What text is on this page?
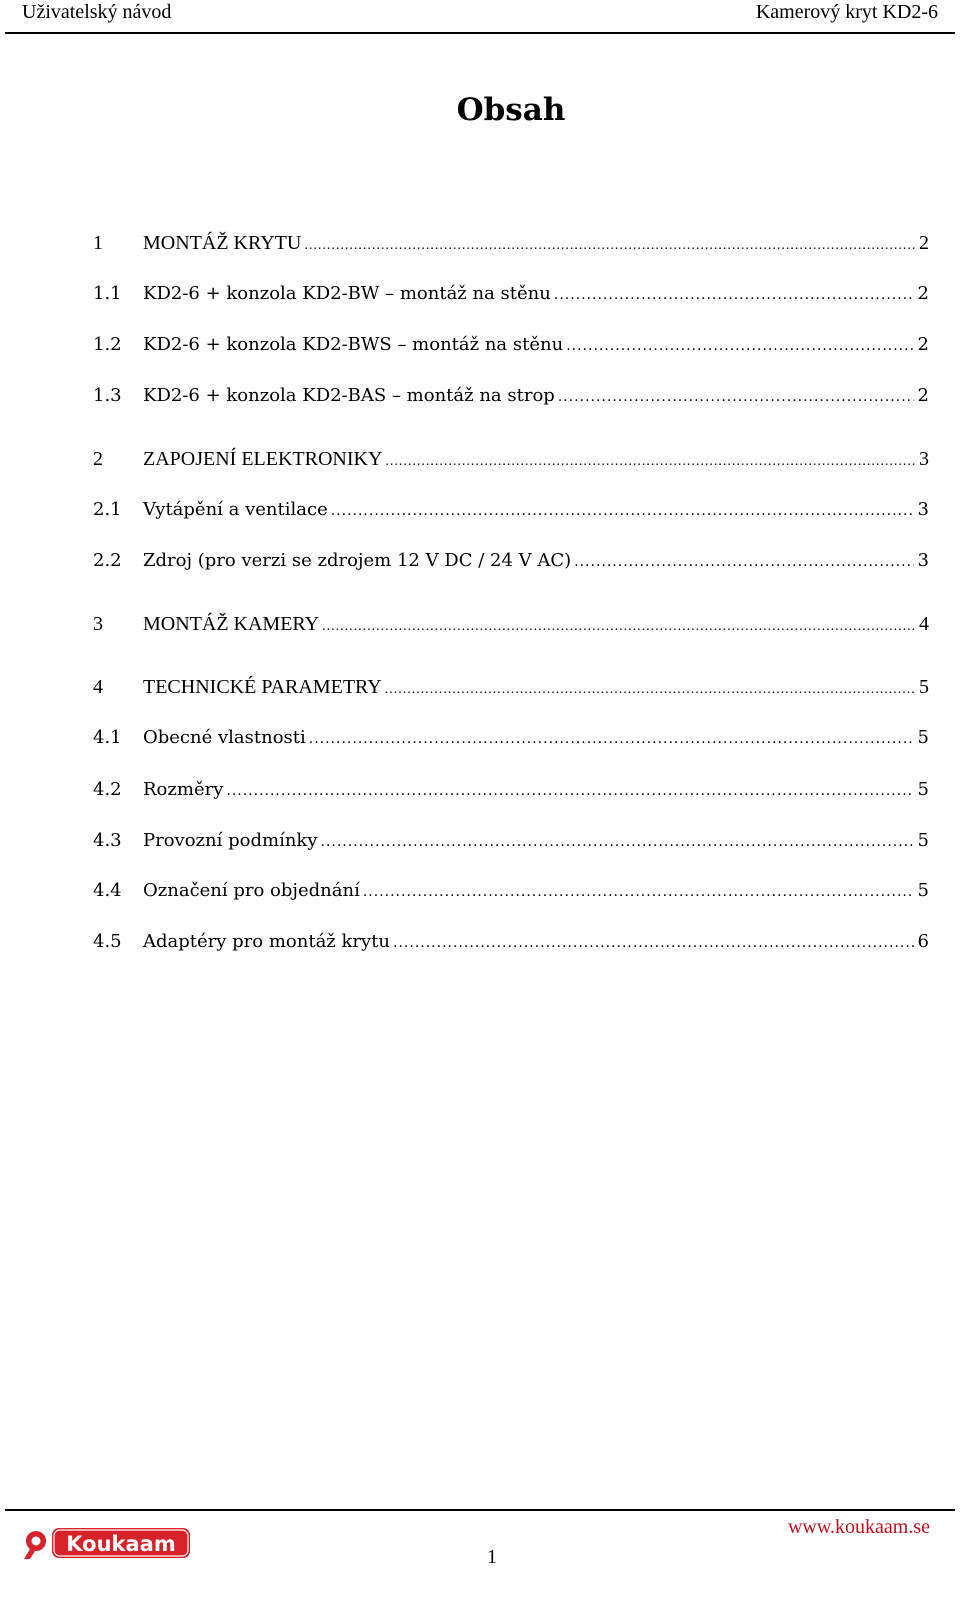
Uživatelský návod	Kamerový kryt KD2-6
Obsah
1 MONTÁŽ KRYTU .....	2
1.1 KD2-6 + konzola KD2-BW – montáž na stěnu .....	2
1.2 KD2-6 + konzola KD2-BWS – montáž na stěnu .....	2
1.3 KD2-6 + konzola KD2-BAS – montáž na strop .....	2
2 ZAPOJENÍ ELEKTRONIKY .....	3
2.1 Vytápění a ventilace .....	3
2.2 Zdroj (pro verzi se zdrojem 12 V DC / 24 V AC) .....	3
3 MONTÁŽ KAMERY .....	4
4 TECHNICKÉ PARAMETRY .....	5
4.1 Obecné vlastnosti .....	5
4.2 Rozměry .....	5
4.3 Provozní podmínky .....	5
4.4 Označení pro objednání .....	5
4.5 Adaptéry pro montáž krytu .....	6
Koukaam
1
www.koukaam.se
